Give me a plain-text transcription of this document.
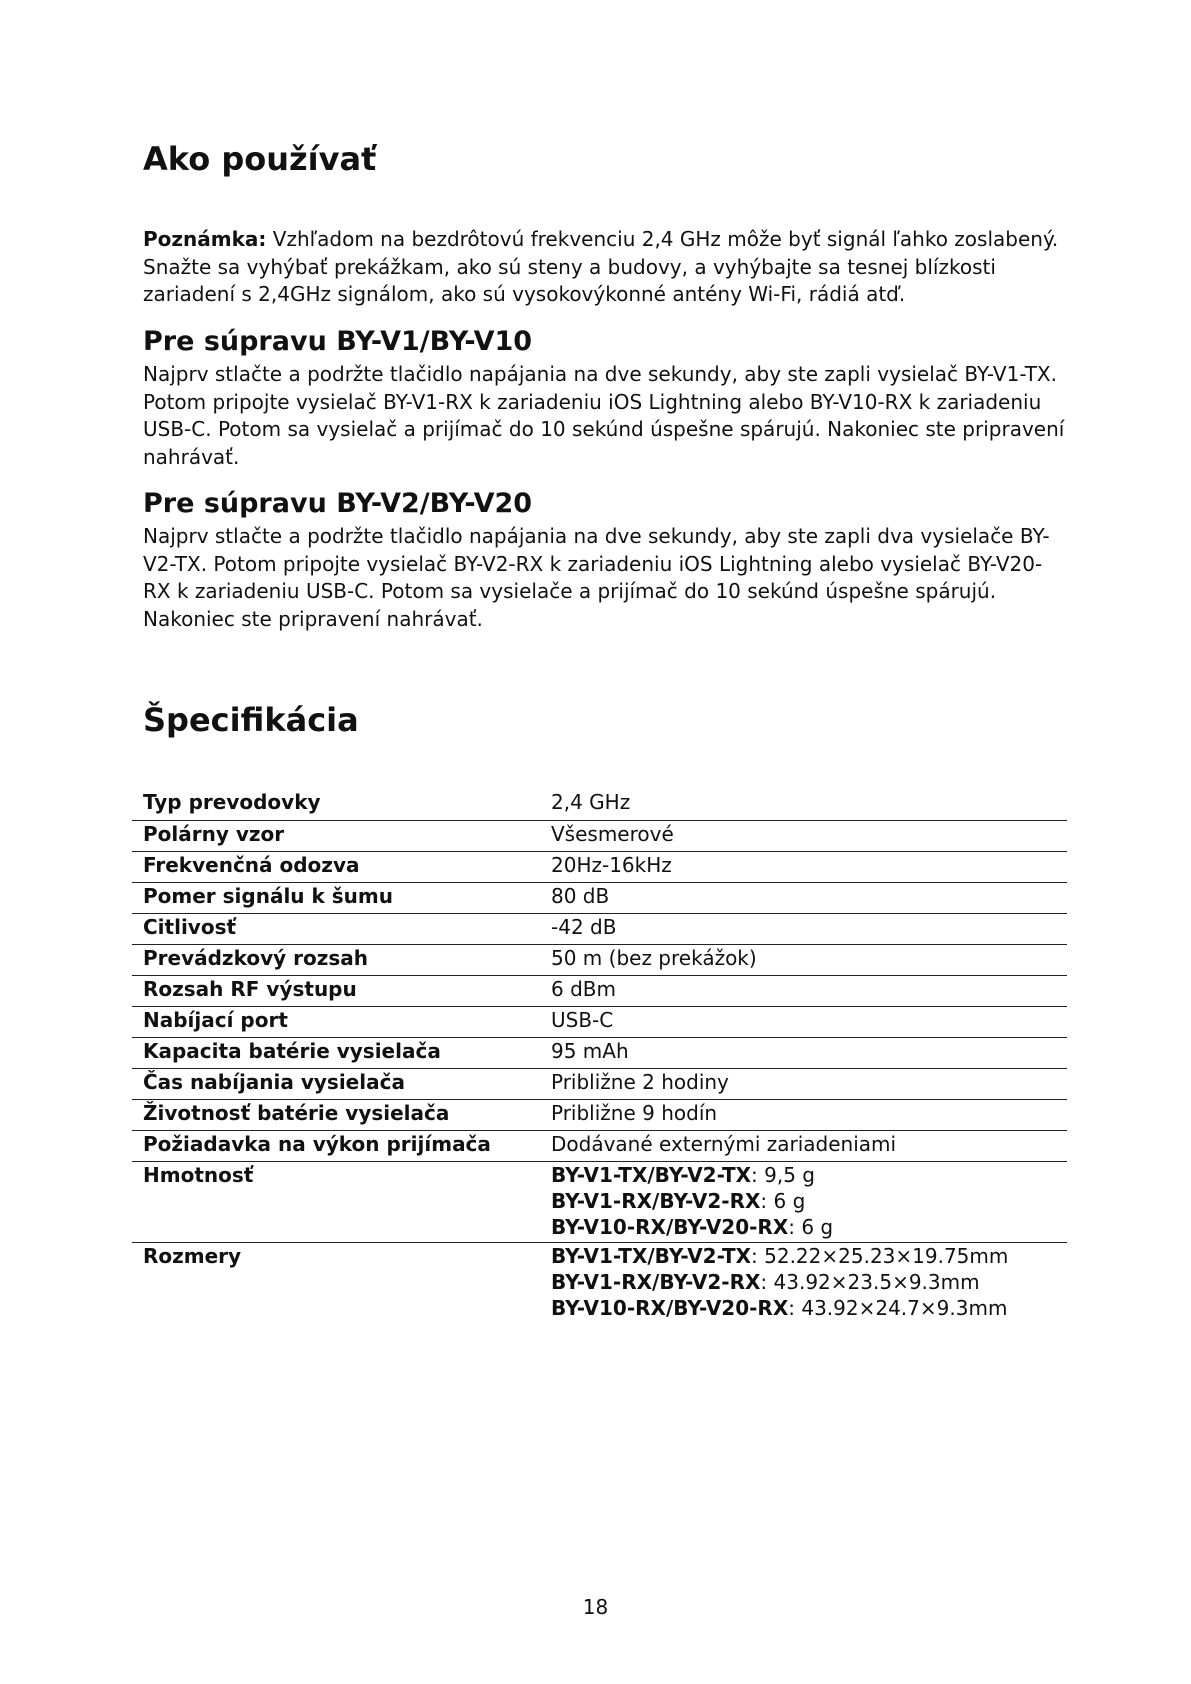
Ako používať

Poznámka: Vzhľadom na bezdrôtovú frekvenciu 2,4 GHz môže byť signál ľahko zoslabený. Snažte sa vyhýbať prekážkam, ako sú steny a budovy, a vyhýbajte sa tesnej blízkosti zariadení s 2,4GHz signálom, ako sú vysokovýkonné antény Wi-Fi, rádiá atď.

Pre súpravu BY-V1/BY-V10

Najprv stlačte a podržte tlačidlo napájania na dve sekundy, aby ste zapli vysielač BY-V1-TX. Potom pripojte vysielač BY-V1-RX k zariadeniu iOS Lightning alebo BY-V10-RX k zariadeniu USB-C. Potom sa vysielač a prijímač do 10 sekúnd úspešne spárujú. Nakoniec ste pripravení nahrávať.

Pre súpravu BY-V2/BY-V20

Najprv stlačte a podržte tlačidlo napájania na dve sekundy, aby ste zapli dva vysielače BY-V2-TX. Potom pripojte vysielač BY-V2-RX k zariadeniu iOS Lightning alebo vysielač BY-V20-RX k zariadeniu USB-C. Potom sa vysielače a prijímač do 10 sekúnd úspešne spárujú. Nakoniec ste pripravení nahrávať.

Špecifikácia
Typ prevodovky	2,4 GHz
Polárny vzor	Všesmerové
Frekvenčná odozva	20Hz-16kHz
Pomer signálu k šumu	80 dB
Citlivosť	-42 dB
Prevádzkový rozsah	50 m (bez prekážok)
Rozsah RF výstupu	6 dBm
Nabíjací port	USB-C
Kapacita batérie vysielača	95 mAh
Čas nabíjania vysielača	Približne 2 hodiny
Životnosť batérie vysielača	Približne 9 hodín
Požiadavka na výkon prijímača	Dodávané externými zariadeniami
Hmotnosť	BY-V1-TX/BY-V2-TX: 9,5 g
BY-V1-RX/BY-V2-RX: 6 g
BY-V10-RX/BY-V20-RX: 6 g

Rozmery	BY-V1-TX/BY-V2-TX: 52.22×25.23×19.75mm
BY-V1-RX/BY-V2-RX: 43.92×23.5×9.3mm
BY-V10-RX/BY-V20-RX: 43.92×24.7×9.3mm
18
